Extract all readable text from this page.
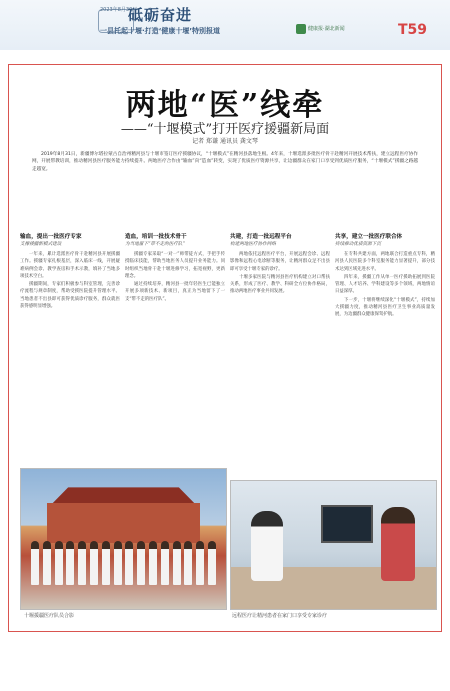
2023年8月30日
砥砺奋进
一县托起十堰·打造‘健康十堰’特别报道	健康报·湖北新闻	T59
两地“医”线牵
——“十堰模式”打开医疗援疆新局面
记者 郑谦 通讯员 龚文琴
2019年8月31日，新疆博尔塔拉蒙古自治州精河县与十堰市签订医疗援疆协议，“十堰模式”在精河县落地生根。4年来，十堰选派多批医疗骨干赴精河开展技术帮扶，建立远程医疗协作网，开展带教培训，推动精河县医疗服务能力持续提升。两地医疗合作由“输血”向“造血”转变，实现了优质医疗资源共享，让边疆群众在家门口享受到优质医疗服务，“十堰模式”援疆之路越走越宽。
输血，提出一批医疗专家
支撑援疆新模式建设

一年来，累计选派医疗骨干赴精河县开展援疆工作。援疆专家扎根基层，深入临床一线，开展疑难病例会诊、教学查房和手术示教，填补了当地多项技术空白。

援疆期间，专家们积极参与科室管理，完善诊疗流程与规章制度，帮助受援医院提升管理水平。当地患者不出县即可获得优质诊疗服务，群众就医获得感明显增强。

造血，培训一批技术骨干
为当地留下“带不走的医疗队”

援疆专家采取“一对一”师带徒方式，手把手传授临床技能，帮助当地医务人员提升业务能力。同时组织当地骨干赴十堰进修学习，拓宽视野，更新理念。

通过持续培养，精河县一批年轻医生已能独立开展多项新技术、新项目，真正为当地留下了一支“带不走的医疗队”。

共建，打造一批远程平台
构建两地医疗协作网络

两地依托远程医疗平台，开展远程会诊、远程影像和远程心电诊断等服务，让精河群众足不出县即可享受十堰专家的诊疗。

十堰多家医院与精河县医疗机构建立对口帮扶关系，形成了医疗、教学、科研全方位协作格局，推动两地医疗事业共同发展。

共享，建立一批医疗联合体
持续推动优质资源下沉

在专科共建方面，两地联合打造重点专科，精河县人民医院多个科室服务能力显著提升，部分技术达到区域先进水平。

四年来，援疆工作从单一医疗援助拓展到医院管理、人才培养、学科建设等多个领域，两地情谊日益深厚。

下一步，十堰将继续深化“十堰模式”，持续加大援疆力度，推动精河县医疗卫生事业高质量发展，为边疆群众健康保驾护航。

十堰援疆医疗队员合影	远程医疗让精河患者在家门口享受专家诊疗
